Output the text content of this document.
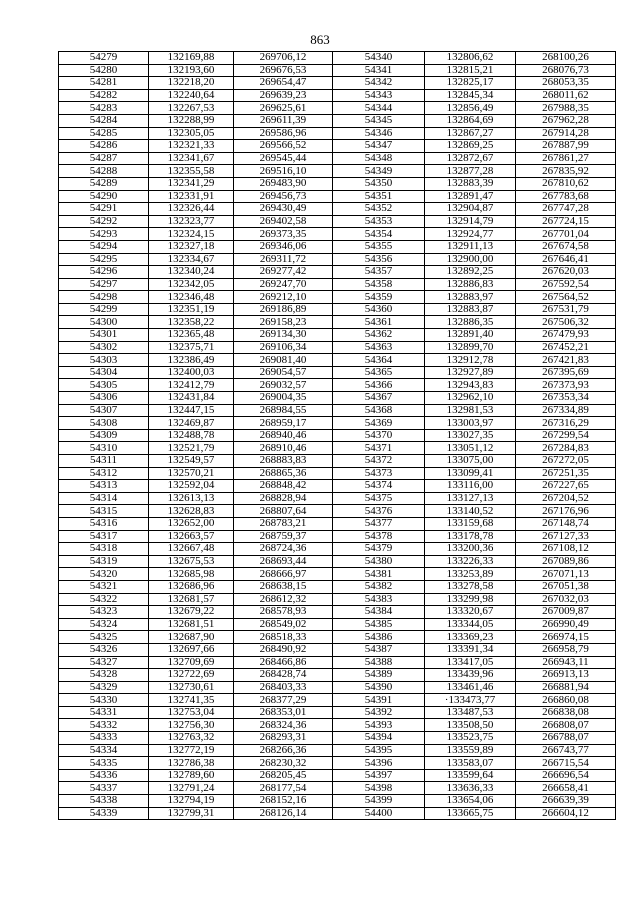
863
54279	132169,88	269706,12	54340	132806,62	268100,26
54280	132193,60	269676,53	54341	132815,21	268076,73
54281	132218,20	269654,47	54342	132825,17	268053,35
54282	132240,64	269639,23	54343	132845,34	268011,62
54283	132267,53	269625,61	54344	132856,49	267988,35
54284	132288,99	269611,39	54345	132864,69	267962,28
54285	132305,05	269586,96	54346	132867,27	267914,28
54286	132321,33	269566,52	54347	132869,25	267887,99
54287	132341,67	269545,44	54348	132872,67	267861,27
54288	132355,58	269516,10	54349	132877,28	267835,92
54289	132341,29	269483,90	54350	132883,39	267810,62
54290	132331,91	269456,73	54351	132891,47	267783,68
54291	132326,44	269430,49	54352	132904,87	267747,28
54292	132323,77	269402,58	54353	132914,79	267724,15
54293	132324,15	269373,35	54354	132924,77	267701,04
54294	132327,18	269346,06	54355	132911,13	267674,58
54295	132334,67	269311,72	54356	132900,00	267646,41
54296	132340,24	269277,42	54357	132892,25	267620,03
54297	132342,05	269247,70	54358	132886,83	267592,54
54298	132346,48	269212,10	54359	132883,97	267564,52
54299	132351,19	269186,89	54360	132883,87	267531,79
54300	132358,22	269158,23	54361	132886,35	267506,32
54301	132365,48	269134,30	54362	132891,40	267479,93
54302	132375,71	269106,34	54363	132899,70	267452,21
54303	132386,49	269081,40	54364	132912,78	267421,83
54304	132400,03	269054,57	54365	132927,89	267395,69
54305	132412,79	269032,57	54366	132943,83	267373,93
54306	132431,84	269004,35	54367	132962,10	267353,34
54307	132447,15	268984,55	54368	132981,53	267334,89
54308	132469,87	268959,17	54369	133003,97	267316,29
54309	132488,78	268940,46	54370	133027,35	267299,54
54310	132521,79	268910,46	54371	133051,12	267284,83
54311	132549,57	268883,83	54372	133075,00	267272,05
54312	132570,21	268865,36	54373	133099,41	267251,35
54313	132592,04	268848,42	54374	133116,00	267227,65
54314	132613,13	268828,94	54375	133127,13	267204,52
54315	132628,83	268807,64	54376	133140,52	267176,96
54316	132652,00	268783,21	54377	133159,68	267148,74
54317	132663,57	268759,37	54378	133178,78	267127,33
54318	132667,48	268724,36	54379	133200,36	267108,12
54319	132675,53	268693,44	54380	133226,33	267089,86
54320	132685,98	268666,97	54381	133253,89	267071,13
54321	132686,96	268638,15	54382	133278,58	267051,38
54322	132681,57	268612,32	54383	133299,98	267032,03
54323	132679,22	268578,93	54384	133320,67	267009,87
54324	132681,51	268549,02	54385	133344,05	266990,49
54325	132687,90	268518,33	54386	133369,23	266974,15
54326	132697,66	268490,92	54387	133391,34	266958,79
54327	132709,69	268466,86	54388	133417,05	266943,11
54328	132722,69	268428,74	54389	133439,96	266913,13
54329	132730,61	268403,33	54390	133461,46	266881,94
54330	132741,35	268377,29	54391	·133473,77	266860,08
54331	132753,04	268353,01	54392	133487,53	266838,08
54332	132756,30	268324,36	54393	133508,50	266808,07
54333	132763,32	268293,31	54394	133523,75	266788,07
54334	132772,19	268266,36	54395	133559,89	266743,77
54335	132786,38	268230,32	54396	133583,07	266715,54
54336	132789,60	268205,45	54397	133599,64	266696,54
54337	132791,24	268177,54	54398	133636,33	266658,41
54338	132794,19	268152,16	54399	133654,06	266639,39
54339	132799,31	268126,14	54400	133665,75	266604,12
